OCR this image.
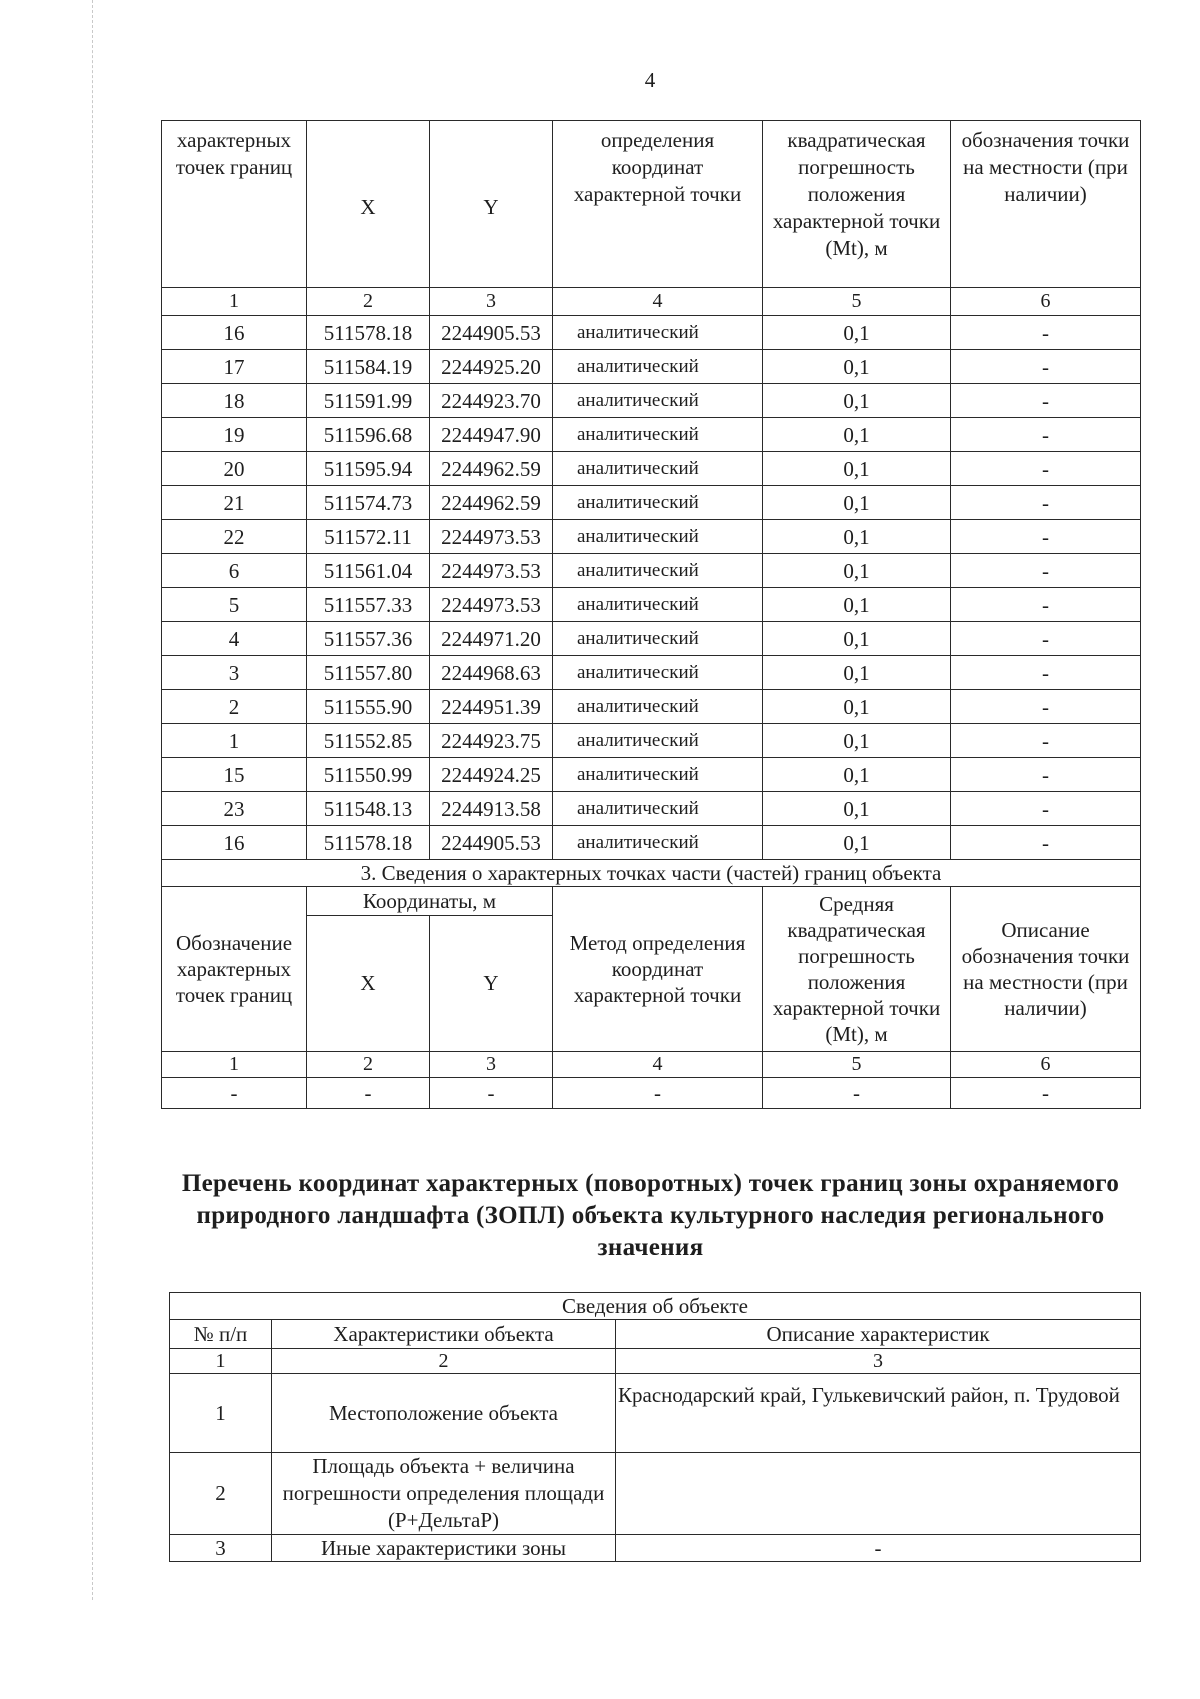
4
характерных точек границ	X	Y	определения координат характерной точки	квадратическая погрешность положения характерной точки (Mt), м	обозначения точки на местности (при наличии)
1	2	3	4	5	6
16	511578.18	2244905.53	аналитический	0,1	-
17	511584.19	2244925.20	аналитический	0,1	-
18	511591.99	2244923.70	аналитический	0,1	-
19	511596.68	2244947.90	аналитический	0,1	-
20	511595.94	2244962.59	аналитический	0,1	-
21	511574.73	2244962.59	аналитический	0,1	-
22	511572.11	2244973.53	аналитический	0,1	-
6	511561.04	2244973.53	аналитический	0,1	-
5	511557.33	2244973.53	аналитический	0,1	-
4	511557.36	2244971.20	аналитический	0,1	-
3	511557.80	2244968.63	аналитический	0,1	-
2	511555.90	2244951.39	аналитический	0,1	-
1	511552.85	2244923.75	аналитический	0,1	-
15	511550.99	2244924.25	аналитический	0,1	-
23	511548.13	2244913.58	аналитический	0,1	-
16	511578.18	2244905.53	аналитический	0,1	-
3. Сведения о характерных точках части (частей) границ объекта					
Обозначение характерных точек границ	Координаты, м		Метод определения координат характерной точки	Средняя квадратическая погрешность положения характерной точки (Mt), м	Описание обозначения точки на местности (при наличии)
	X	Y			
1	2	3	4	5	6
-	-	-	-	-	-
Перечень координат характерных (поворотных) точек границ зоны охраняемого природного ландшафта (ЗОПЛ) объекта культурного наследия регионального значения
Сведения об объекте		
№ п/п	Характеристики объекта	Описание характеристик
1	2	3
1	Местоположение объекта	Краснодарский край, Гулькевичский район, п. Трудовой
2	Площадь объекта + величина погрешности определения площади (P+ДельтаP)	
3	Иные характеристики зоны	-
